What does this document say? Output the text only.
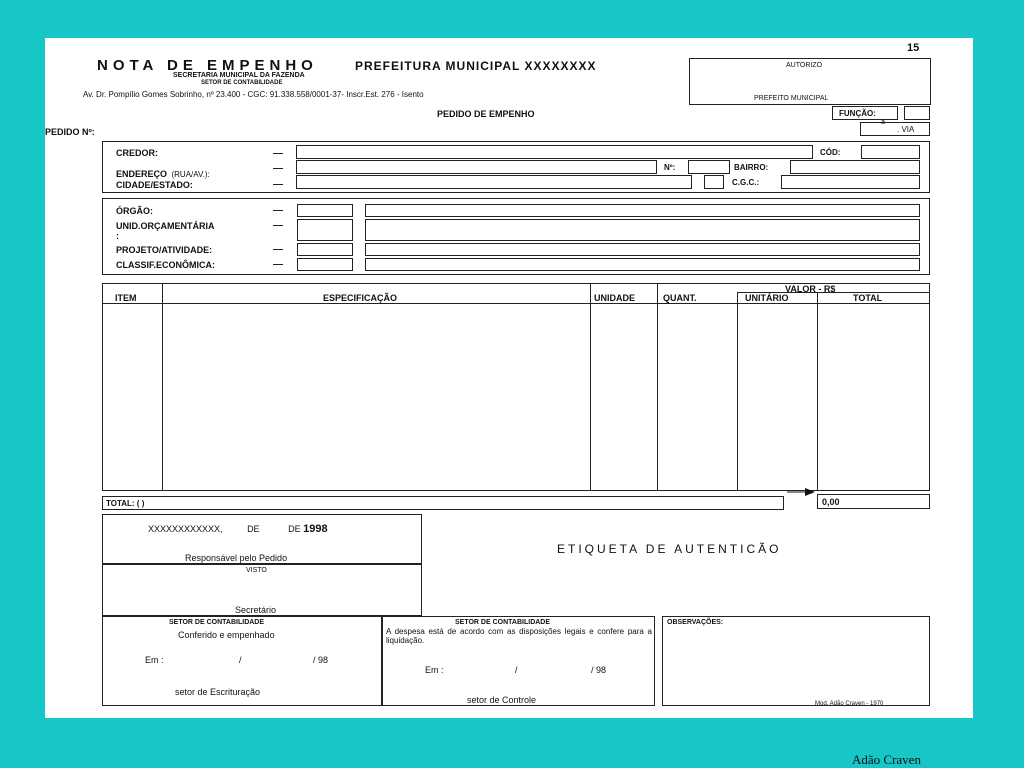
15
NOTA DE EMPENHO	PREFEITURA MUNICIPAL XXXXXXXX
SECRETARIA MUNICIPAL DA FAZENDA
SETOR DE CONTABILIDADE
Av. Dr. Pompílio Gomes Sobrinho, nº 23.400 - CGC: 91.338.558/0001-37- Inscr.Est. 276 - Isento
AUTORIZO
PREFEITO MUNICIPAL
PEDIDO DE EMPENHO	FUNÇÃO:
PEDIDO Nº:
a
. VIA
CREDOR:
ENDEREÇO (RUA/AV.):
CIDADE/ESTADO:
CÓD:
Nº:	BAIRRO:
C.G.C.:
ÓRGÃO:
UNID.ORÇAMENTÁRIA
:
PROJETO/ATIVIDADE:
CLASSIF.ECONÔMICA:
VALOR - R$
ITEM	ESPECIFICAÇÃO	UNIDADE	QUANT.	UNITÁRIO	TOTAL
TOTAL: ( )	0,00
XXXXXXXXXXXX,	DE	DE 1998
Responsável pelo Pedido
VISTO
Secretário
ETIQUETA DE AUTENTICÃO
SETOR DE CONTABILIDADE
Conferido e empenhado
Em :	/	/ 98
setor de Escrituração
SETOR DE CONTABILIDADE
A despesa está de acordo com as disposições legais e confere para a liquidação.
Em :	/	/ 98
setor de Controle
OBSERVAÇÕES:
Mod. Adão Craven - 1970
Adão Craven
